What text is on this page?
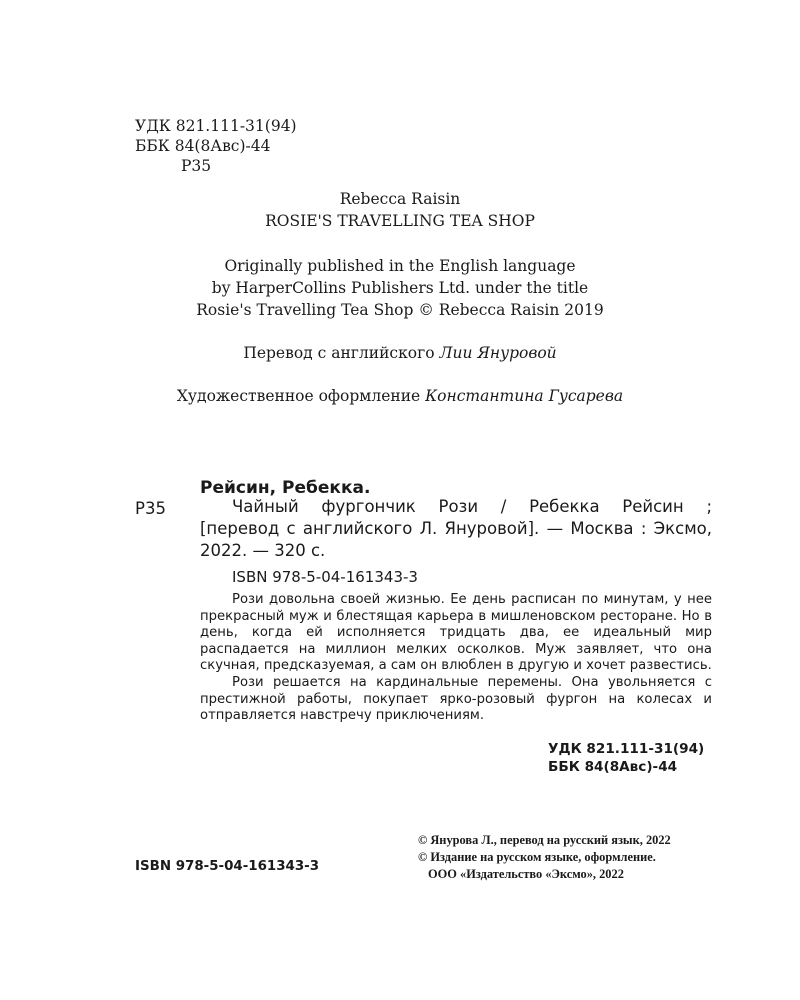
УДК 821.111-31(94)
ББК 84(8Авс)-44
Р35
Rebecca Raisin
ROSIE'S TRAVELLING TEA SHOP
Originally published in the English language
by HarperCollins Publishers Ltd. under the title
Rosie's Travelling Tea Shop © Rebecca Raisin 2019
Перевод с английского Лии Януровой
Художественное оформление Константина Гусарева
Рейсин, Ребекка.
Р35	Чайный фургончик Рози / Ребекка Рейсин ;
[перевод с английского Л. Януровой]. — Москва : Эксмо, 2022. — 320 с.
ISBN 978-5-04-161343-3

Рози довольна своей жизнью. Ее день расписан по минутам, у нее прекрасный муж и блестящая карьера в мишленовском ресторане. Но в день, когда ей исполняется тридцать два, ее идеальный мир распадается на миллион мелких осколков. Муж заявляет, что она скучная, предсказуемая, а сам он влюблен в другую и хочет развестись.

Рози решается на кардинальные перемены. Она увольняется с престижной работы, покупает ярко-розовый фургон на колесах и отправляется навстречу приключениям.

УДК 821.111-31(94)
ББК 84(8Авс)-44
© Янурова Л., перевод на русский язык, 2022
© Издание на русском языке, оформление.
ООО «Издательство «Эксмо», 2022
ISBN 978-5-04-161343-3
